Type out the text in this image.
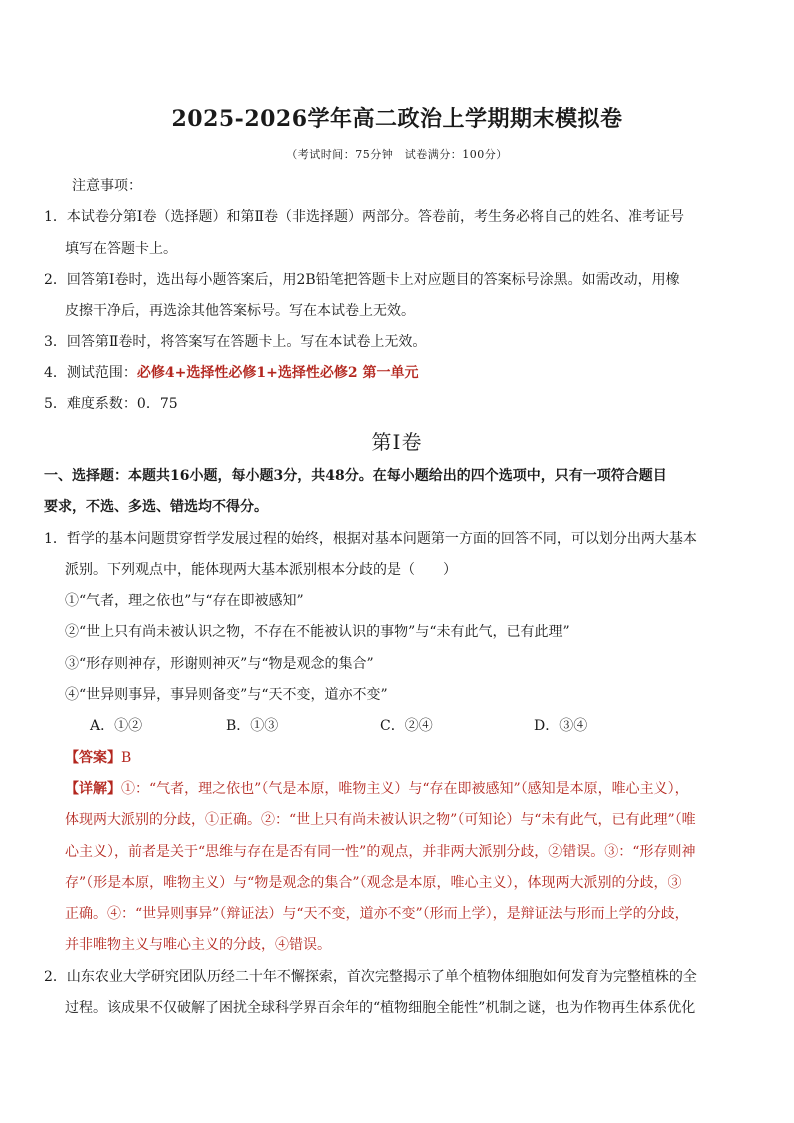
2025-2026学年高二政治上学期期末模拟卷
（考试时间：75分钟　试卷满分：100分）
注意事项：
1．本试卷分第Ⅰ卷（选择题）和第Ⅱ卷（非选择题）两部分。答卷前，考生务必将自己的姓名、准考证号
填写在答题卡上。
2．回答第Ⅰ卷时，选出每小题答案后，用2B铅笔把答题卡上对应题目的答案标号涂黑。如需改动，用橡
皮擦干净后，再选涂其他答案标号。写在本试卷上无效。
3．回答第Ⅱ卷时，将答案写在答题卡上。写在本试卷上无效。
4．测试范围：必修4+选择性必修1+选择性必修2 第一单元
5．难度系数：0．75
第Ⅰ卷
一、选择题：本题共16小题，每小题3分，共48分。在每小题给出的四个选项中，只有一项符合题目
要求，不选、多选、错选均不得分。
1．哲学的基本问题贯穿哲学发展过程的始终，根据对基本问题第一方面的回答不同，可以划分出两大基本
派别。下列观点中，能体现两大基本派别根本分歧的是（　　）
①“气者，理之依也”与“存在即被感知”
②“世上只有尚未被认识之物，不存在不能被认识的事物”与“未有此气，已有此理”
③“形存则神存，形谢则神灭”与“物是观念的集合”
④“世异则事异，事异则备变”与“天不变，道亦不变”
A．①②	B．①③	C．②④	D．③④
【答案】B
【详解】①：“气者，理之依也”（气是本原，唯物主义）与“存在即被感知”（感知是本原，唯心主义），
体现两大派别的分歧，①正确。②：“世上只有尚未被认识之物”（可知论）与“未有此气，已有此理”（唯
心主义），前者是关于“思维与存在是否有同一性”的观点，并非两大派别分歧，②错误。③：“形存则神
存”（形是本原，唯物主义）与“物是观念的集合”（观念是本原，唯心主义），体现两大派别的分歧，③
正确。④：“世异则事异”（辩证法）与“天不变，道亦不变”（形而上学），是辩证法与形而上学的分歧，
并非唯物主义与唯心主义的分歧，④错误。
2．山东农业大学研究团队历经二十年不懈探索，首次完整揭示了单个植物体细胞如何发育为完整植株的全
过程。该成果不仅破解了困扰全球科学界百余年的“植物细胞全能性”机制之谜，也为作物再生体系优化
